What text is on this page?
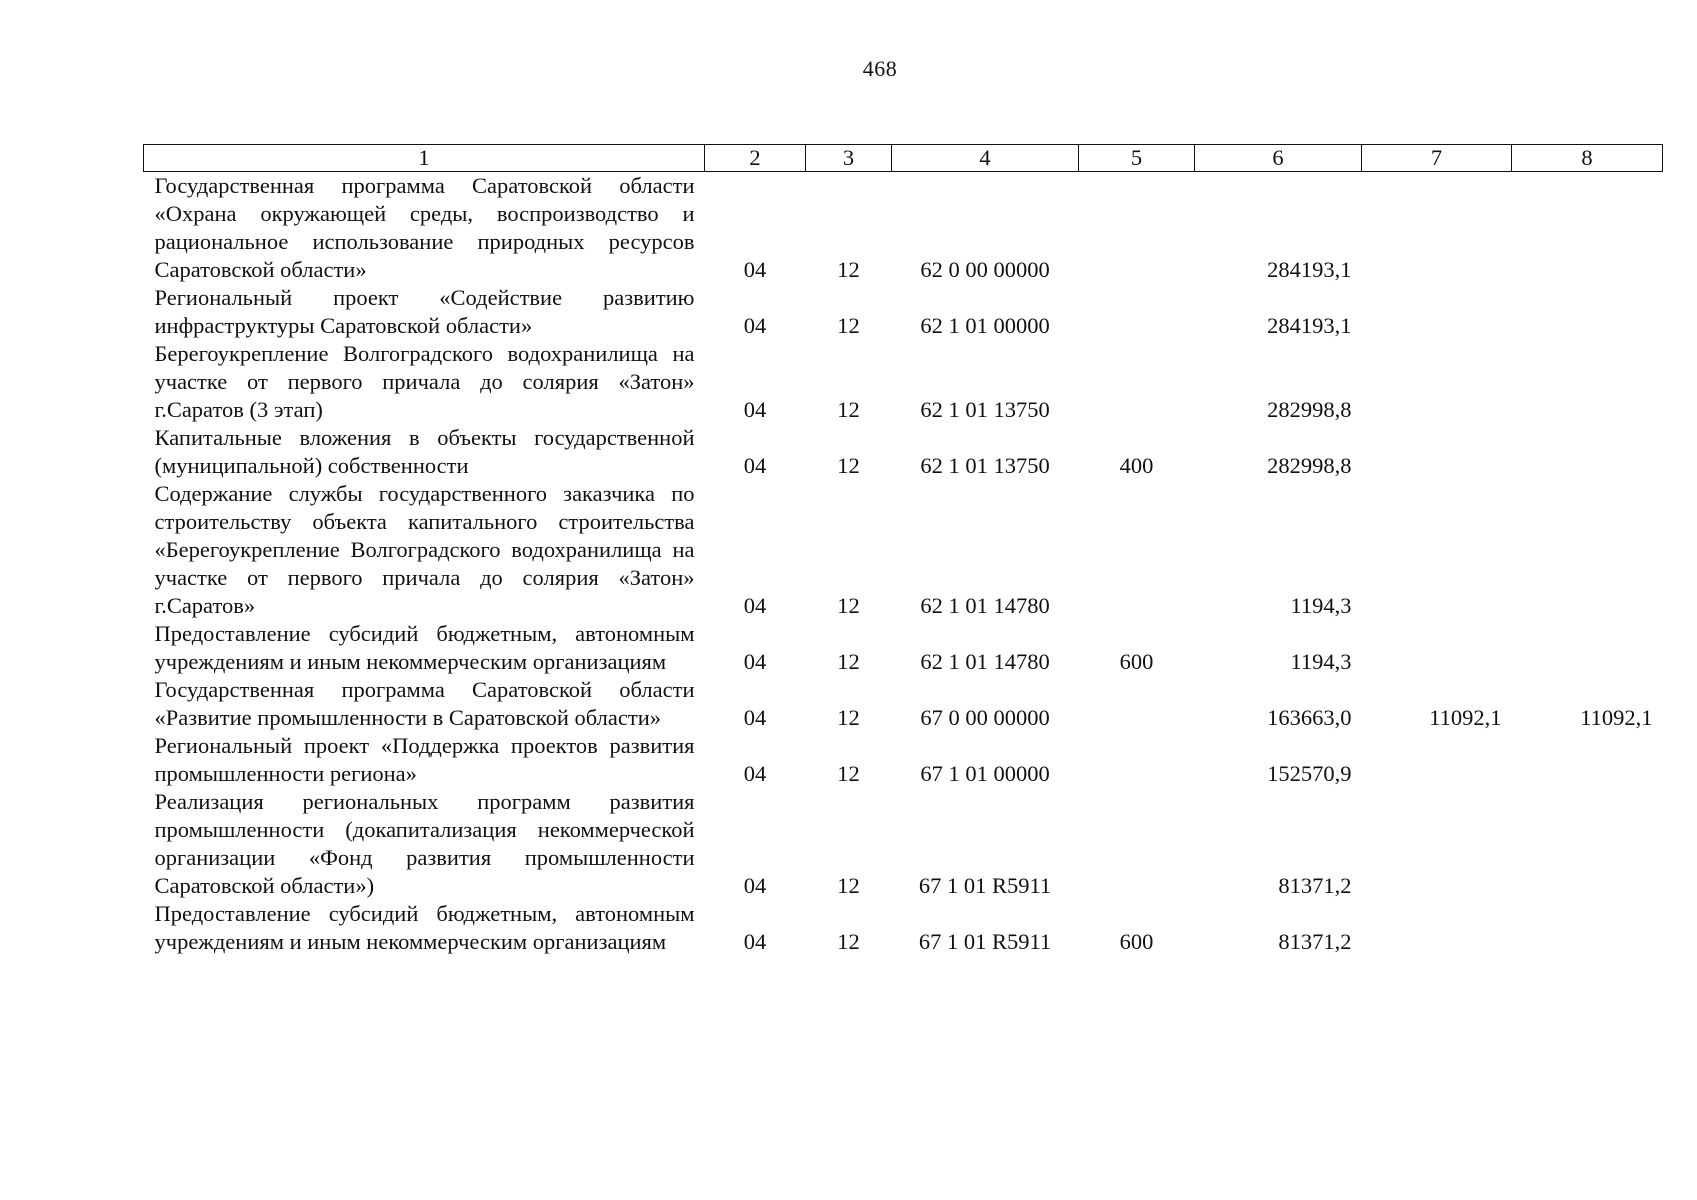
468
1	2	3	4	5	6	7	8
Государственная программа Саратовской области «Охрана окружающей среды, воспроизводство и рациональное использование природных ресурсов Саратовской области»	04	12	62 0 00 00000		284193,1		
Региональный проект «Содействие развитию инфраструктуры Саратовской области»	04	12	62 1 01 00000		284193,1		
Берегоукрепление Волгоградского водохранилища на участке от первого причала до солярия «Затон» г.Саратов (3 этап)	04	12	62 1 01 13750		282998,8		
Капитальные вложения в объекты государственной (муниципальной) собственности	04	12	62 1 01 13750	400	282998,8		
Содержание службы государственного заказчика по строительству объекта капитального строительства «Берегоукрепление Волгоградского водохранилища на участке от первого причала до солярия «Затон» г.Саратов»	04	12	62 1 01 14780		1194,3		
Предоставление субсидий бюджетным, автономным учреждениям и иным некоммерческим организациям	04	12	62 1 01 14780	600	1194,3		
Государственная программа Саратовской области «Развитие промышленности в Саратовской области»	04	12	67 0 00 00000		163663,0	11092,1	11092,1
Региональный проект «Поддержка проектов развития промышленности региона»	04	12	67 1 01 00000		152570,9		
Реализация региональных программ развития промышленности (докапитализация некоммерческой организации «Фонд развития промышленности Саратовской области»)	04	12	67 1 01 R5911		81371,2		
Предоставление субсидий бюджетным, автономным учреждениям и иным некоммерческим организациям	04	12	67 1 01 R5911	600	81371,2		
